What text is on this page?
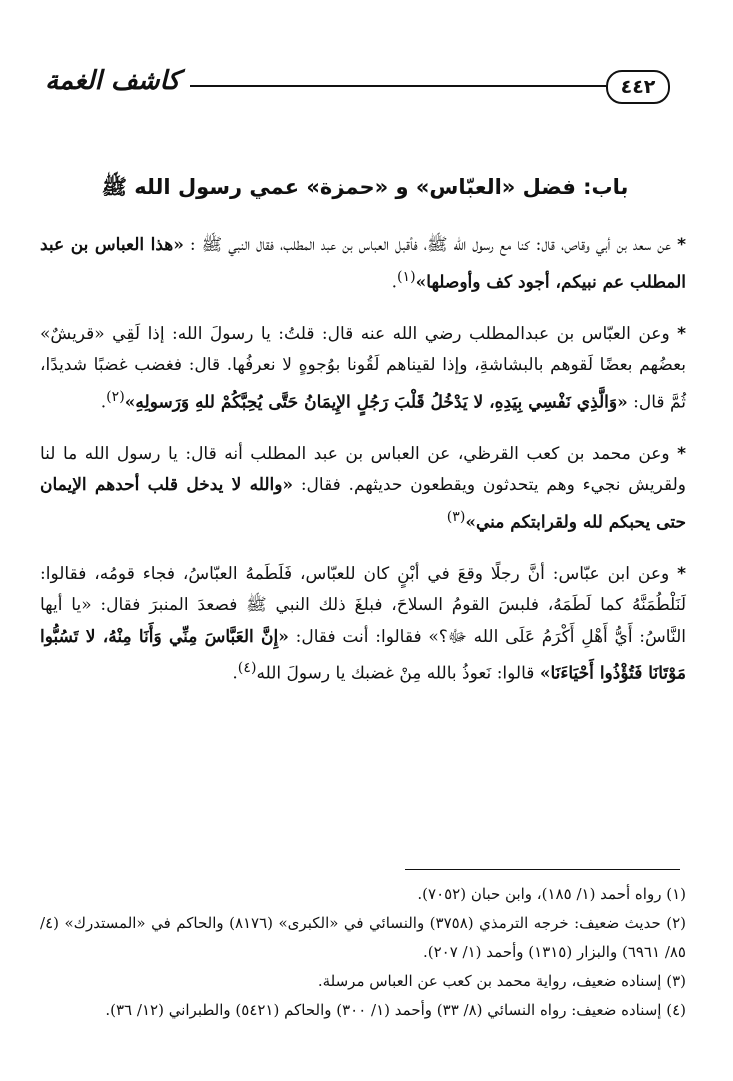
٤٤٢
كاشف الغمة
باب: فضل «العبّاس» و «حمزة» عمي رسول الله ﷺ

* عن سعد بن أبي وقاص، قال: كنا مع رسول الله ﷺ، فأقبل العباس بن عبد المطلب، فقال النبي ﷺ : «هذا العباس بن عبد المطلب عم نبيكم، أجود كف وأوصلها»$^{(١)}$.

* وعن العبّاس بن عبدالمطلب رضي الله عنه قال: قلتُ: يا رسولَ الله: إذا لَقِي «قريشٌ» بعضُهم بعضًا لَقوهم بالبشاشةِ، وإذا لقيناهم لَقُونا بوُجوهٍ لا نعرفُها. قال: فغضب غضبًا شديدًا، ثُمَّ قال: «وَالَّذِي نَفْسِي بِيَدِهِ، لا يَدْخُلُ قَلْبَ رَجُلٍ الإِيمَانُ حَتَّى يُحِبَّكُمْ للهِ وَرَسولِهِ»$^{(٢)}$.

* وعن محمد بن كعب القرظي، عن العباس بن عبد المطلب أنه قال: يا رسول الله ما لنا ولقريش نجيء وهم يتحدثون ويقطعون حديثهم. فقال: «والله لا يدخل قلب أحدهم الإيمان حتى يحبكم لله ولقرابتكم مني»$^{(٣)}$

* وعن ابن عبّاس: أنَّ رجلًا وقعَ في أبْنٍ كان للعبّاس، فَلَطَمهُ العبّاسُ، فجاء قومُه، فقالوا: لَنَلْطُمَنَّهُ كما لَطَمَهُ، فلبسَ القومُ السلاحَ، فبلغَ ذلك النبي ﷺ فصعدَ المنبرَ فقال: «يا أيها النَّاسُ: أَيُّ أَهْلِ أَكْرَمُ عَلَى الله ﷻ؟» فقالوا: أنت فقال: «إِنَّ العَبَّاسَ مِنِّي وَأَنَا مِنْهُ، لا تَسُبُّوا مَوْتَانَا فَتُؤْذُوا أَحْيَاءَنَا» قالوا: نَعوذُ بالله مِنْ غضبك يا رسولَ الله$^{(٤)}$.

(١) رواه أحمد (١/ ١٨٥)، وابن حبان (٧٠٥٢).

(٢) حديث ضعيف: خرجه الترمذي (٣٧٥٨) والنسائي في «الكبرى» (٨١٧٦) والحاكم في «المستدرك» (٤/ ٨٥/ ٦٩٦١) والبزار (١٣١٥) وأحمد (١/ ٢٠٧).

(٣) إسناده ضعيف، رواية محمد بن كعب عن العباس مرسلة.

(٤) إسناده ضعيف: رواه النسائي (٨/ ٣٣) وأحمد (١/ ٣٠٠) والحاكم (٥٤٢١) والطبراني (١٢/ ٣٦).
